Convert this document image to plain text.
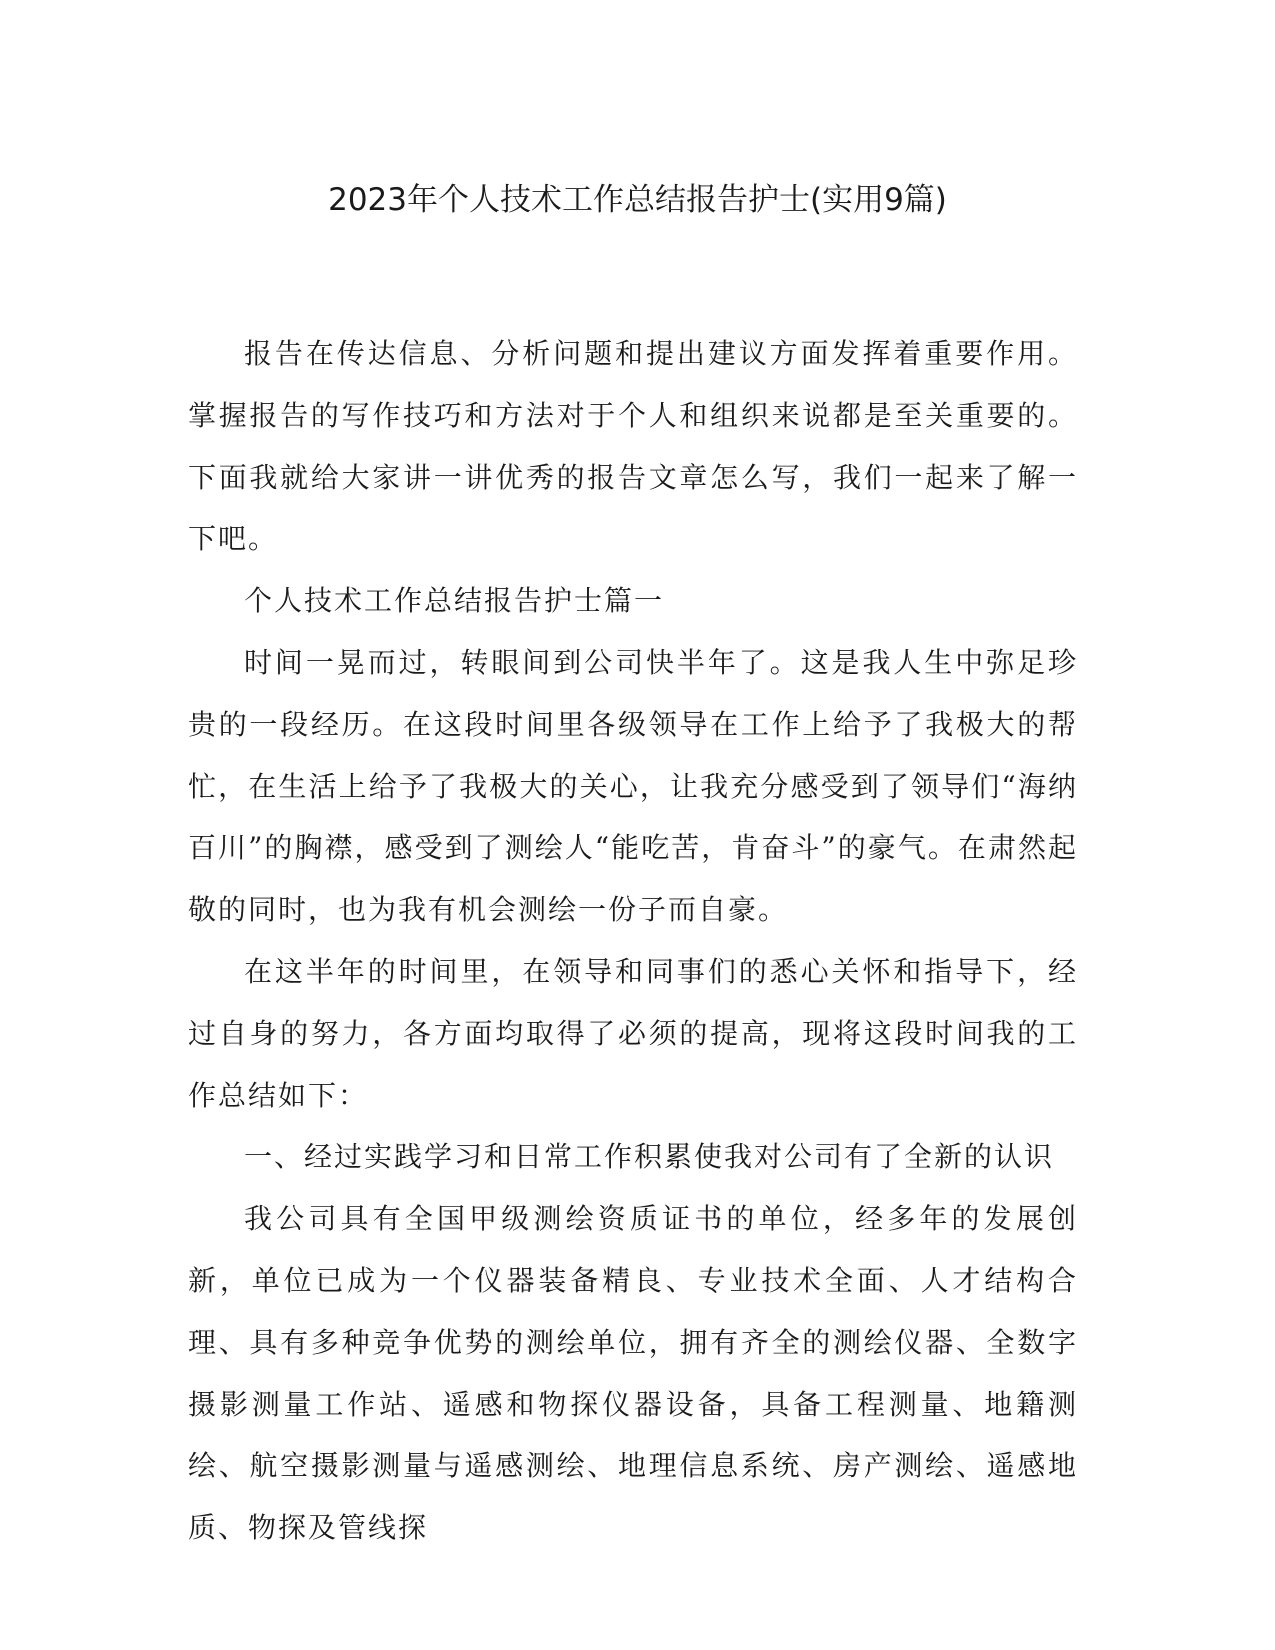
2023年个人技术工作总结报告护士(实用9篇)

报告在传达信息、分析问题和提出建议方面发挥着重要作用。掌握报告的写作技巧和方法对于个人和组织来说都是至关重要的。下面我就给大家讲一讲优秀的报告文章怎么写，我们一起来了解一下吧。

个人技术工作总结报告护士篇一

时间一晃而过，转眼间到公司快半年了。这是我人生中弥足珍贵的一段经历。在这段时间里各级领导在工作上给予了我极大的帮忙，在生活上给予了我极大的关心，让我充分感受到了领导们“海纳百川”的胸襟，感受到了测绘人“能吃苦，肯奋斗”的豪气。在肃然起敬的同时，也为我有机会测绘一份子而自豪。

在这半年的时间里，在领导和同事们的悉心关怀和指导下，经过自身的努力，各方面均取得了必须的提高，现将这段时间我的工作总结如下：

一、经过实践学习和日常工作积累使我对公司有了全新的认识

我公司具有全国甲级测绘资质证书的单位，经多年的发展创新，单位已成为一个仪器装备精良、专业技术全面、人才结构合理、具有多种竞争优势的测绘单位，拥有齐全的测绘仪器、全数字摄影测量工作站、遥感和物探仪器设备，具备工程测量、地籍测绘、航空摄影测量与遥感测绘、地理信息系统、房产测绘、遥感地质、物探及管线探
